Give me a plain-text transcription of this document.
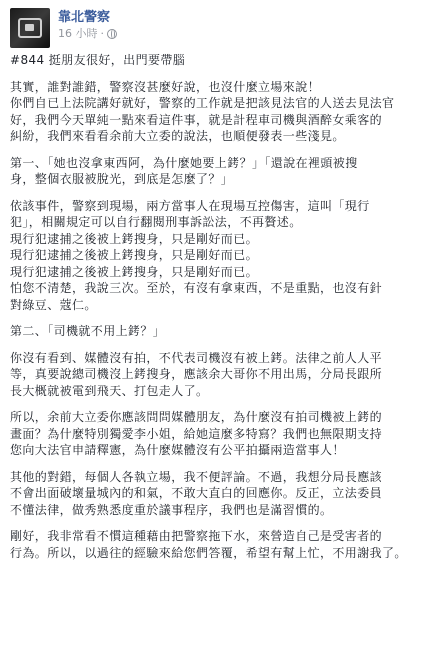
靠北警察
16 小時 ·
#844 挺朋友很好，出門要帶腦
其實，誰對誰錯，警察沒甚麼好說，也沒什麼立場來說！
你們自已上法院講好就好，警察的工作就是把該見法官的人送去見法官
好，我們今天單純一點來看這件事，就是計程車司機與酒醉女乘客的
糾紛，我們來看看余前大立委的說法，也順便發表一些淺見。
第一、「她也沒拿東西阿，為什麼她要上銬？」「還說在裡頭被搜
身，整個衣服被脫光，到底是怎麼了？」
依該事件，警察到現場，兩方當事人在現場互控傷害，這叫「現行
犯」，相關規定可以自行翻閱刑事訴訟法，不再贅述。
現行犯逮捕之後被上銬搜身，只是剛好而已。
現行犯逮捕之後被上銬搜身，只是剛好而已。
現行犯逮捕之後被上銬搜身，只是剛好而已。
怕您不清楚，我說三次。至於，有沒有拿東西，不是重點，也沒有針
對綠豆、蔻仁。
第二、「司機就不用上銬？」
你沒有看到、媒體沒有拍，不代表司機沒有被上銬。法律之前人人平
等，真要說總司機沒上銬搜身，應該余大哥你不用出馬，分局長跟所
長大概就被電到飛天、打包走人了。
所以，余前大立委你應該問問媒體朋友，為什麼沒有拍司機被上銬的
畫面？為什麼特別獨愛李小姐，給她這麼多特寫？我們也無限期支持
您向大法官申請釋憲，為什麼媒體沒有公平拍攝兩造當事人！
其他的對錯，每個人各執立場，我不便評論。不過，我想分局長應該
不會出面破壞量城內的和氣，不敢大直白的回應你。反正，立法委員
不懂法律，做秀熟悉度重於議事程序，我們也是滿習慣的。
剛好，我非常看不慣這種藉由把警察拖下水，來營造自己是受害者的
行為。所以，以過往的經驗來給您們答覆，希望有幫上忙，不用謝我了。
